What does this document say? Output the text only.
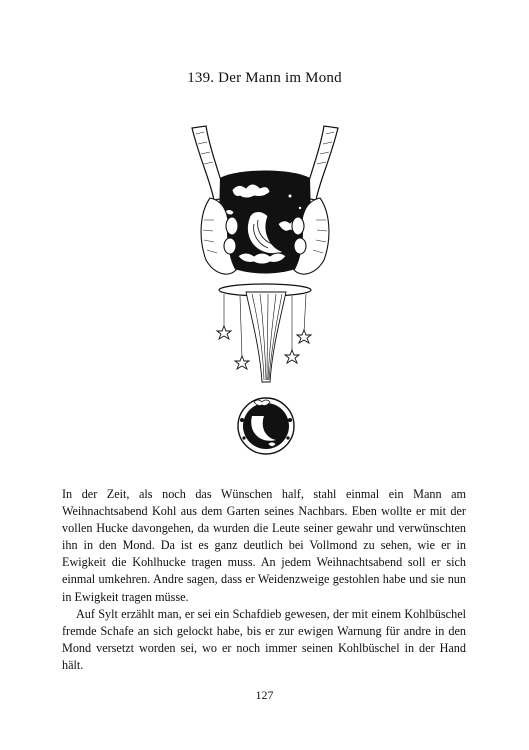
139. Der Mann im Mond

In der Zeit, als noch das Wünschen half, stahl einmal ein Mann am Weihnachtsabend Kohl aus dem Garten seines Nachbars. Eben wollte er mit der vollen Hucke davongehen, da wurden die Leute seiner gewahr und verwünschten ihn in den Mond. Da ist es ganz deutlich bei Vollmond zu sehen, wie er in Ewigkeit die Kohlhucke tragen muss. An jedem Weihnachtsabend soll er sich einmal umkehren. Andre sagen, dass er Weidenzweige gestohlen habe und sie nun in Ewigkeit tragen müsse.

Auf Sylt erzählt man, er sei ein Schafdieb gewesen, der mit einem Kohlbüschel fremde Schafe an sich gelockt habe, bis er zur ewigen Warnung für andre in den Mond versetzt worden sei, wo er noch immer seinen Kohlbüschel in der Hand hält.

127
